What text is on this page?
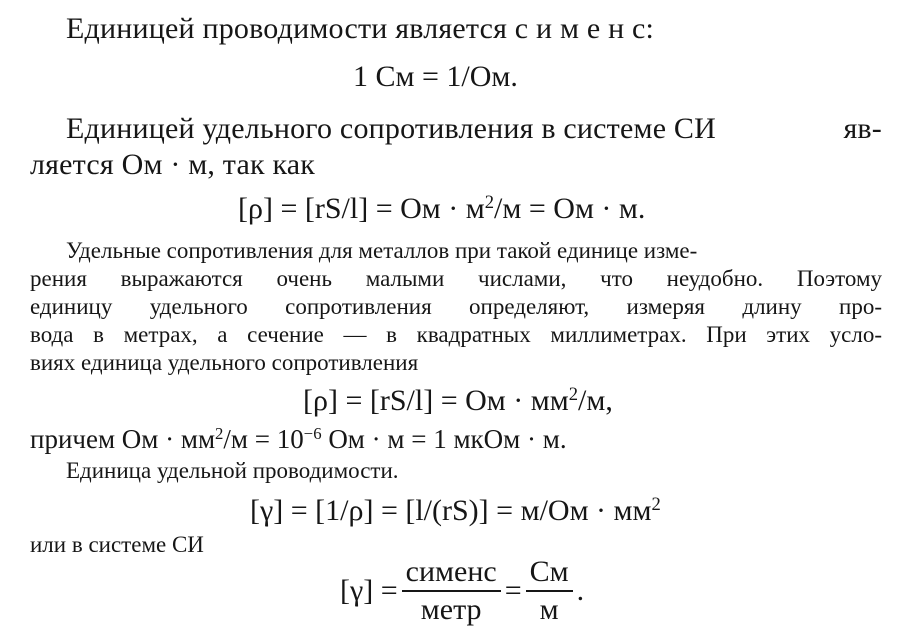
Единицей проводимости является с и м е н с:
1 См = 1/Ом.
Единицей удельного сопротивления в системе СИ	яв-
ляется Ом · м, так как
[ρ] = [rS/l] = Ом · $м^2/м$ = Ом · м.
Удельные сопротивления для металлов при такой единице изме-
рения выражаются очень малыми числами, что неудобно. Поэтому
единицу удельного сопротивления определяют, измеряя длину про-
вода в метрах, а сечение — в квадратных миллиметрах. При этих усло-
виях единица удельного сопротивления
[ρ] = [rS/l] = Ом · $мм^2/м$,
причем Ом · $мм^2/м = 10^{-6}$ Ом · м = 1 мкОм · м.
Единица удельной проводимости.
$[\gamma] = [1/\rho] = [l/(rS)] = м/Ом \cdot мм^2$
или в системе СИ
$[\gamma] = \frac{\text{сименс}}{\text{метр}} = \frac{См}{м}$ .
